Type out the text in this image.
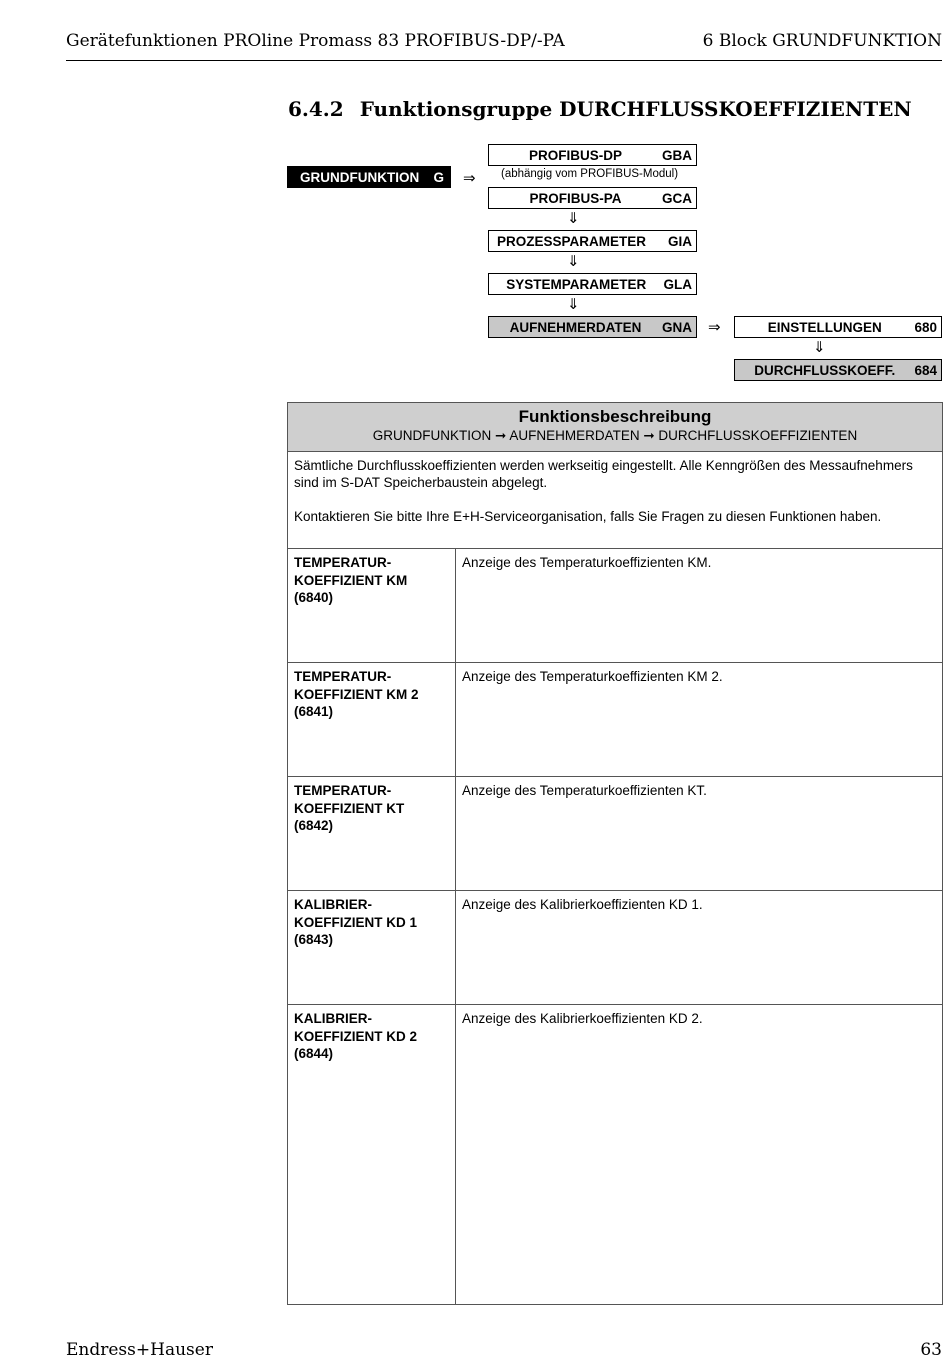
Gerätefunktionen PROline Promass 83 PROFIBUS-DP/-PA	6 Block GRUNDFUNKTION
6.4.2 Funktionsgruppe DURCHFLUSSKOEFFIZIENTEN
GRUNDFUNKTION G ⇒
PROFIBUS-DP	GBA
(abhängig vom PROFIBUS-Modul)
PROFIBUS-PA	GCA
⇓
PROZESSPARAMETER GIA
⇓
SYSTEMPARAMETER	GLA
⇓
AUFNEHMERDATEN	GNA ⇒	EINSTELLUNGEN	680
⇓
DURCHFLUSSKOEFF.	684
Funktionsbeschreibung
GRUNDFUNKTION ➞ AUFNEHMERDATEN ➞ DURCHFLUSSKOEFFIZIENTEN

Sämtliche Durchflusskoeffizienten werden werkseitig eingestellt. Alle Kenngrößen des Messaufnehmers sind im S-DAT Speicherbaustein abgelegt.

Kontaktieren Sie bitte Ihre E+H-Serviceorganisation, falls Sie Fragen zu diesen Funktionen haben.

TEMPERATUR-
KOEFFIZIENT KM
(6840)
Anzeige des Temperaturkoeffizienten KM.
TEMPERATUR-
KOEFFIZIENT KM 2
(6841)
Anzeige des Temperaturkoeffizienten KM 2.
TEMPERATUR-
KOEFFIZIENT KT
(6842)
Anzeige des Temperaturkoeffizienten KT.
KALIBRIER-
KOEFFIZIENT KD 1
(6843)
Anzeige des Kalibrierkoeffizienten KD 1.
KALIBRIER-
KOEFFIZIENT KD 2
(6844)
Anzeige des Kalibrierkoeffizienten KD 2.
Endress+Hauser	63
